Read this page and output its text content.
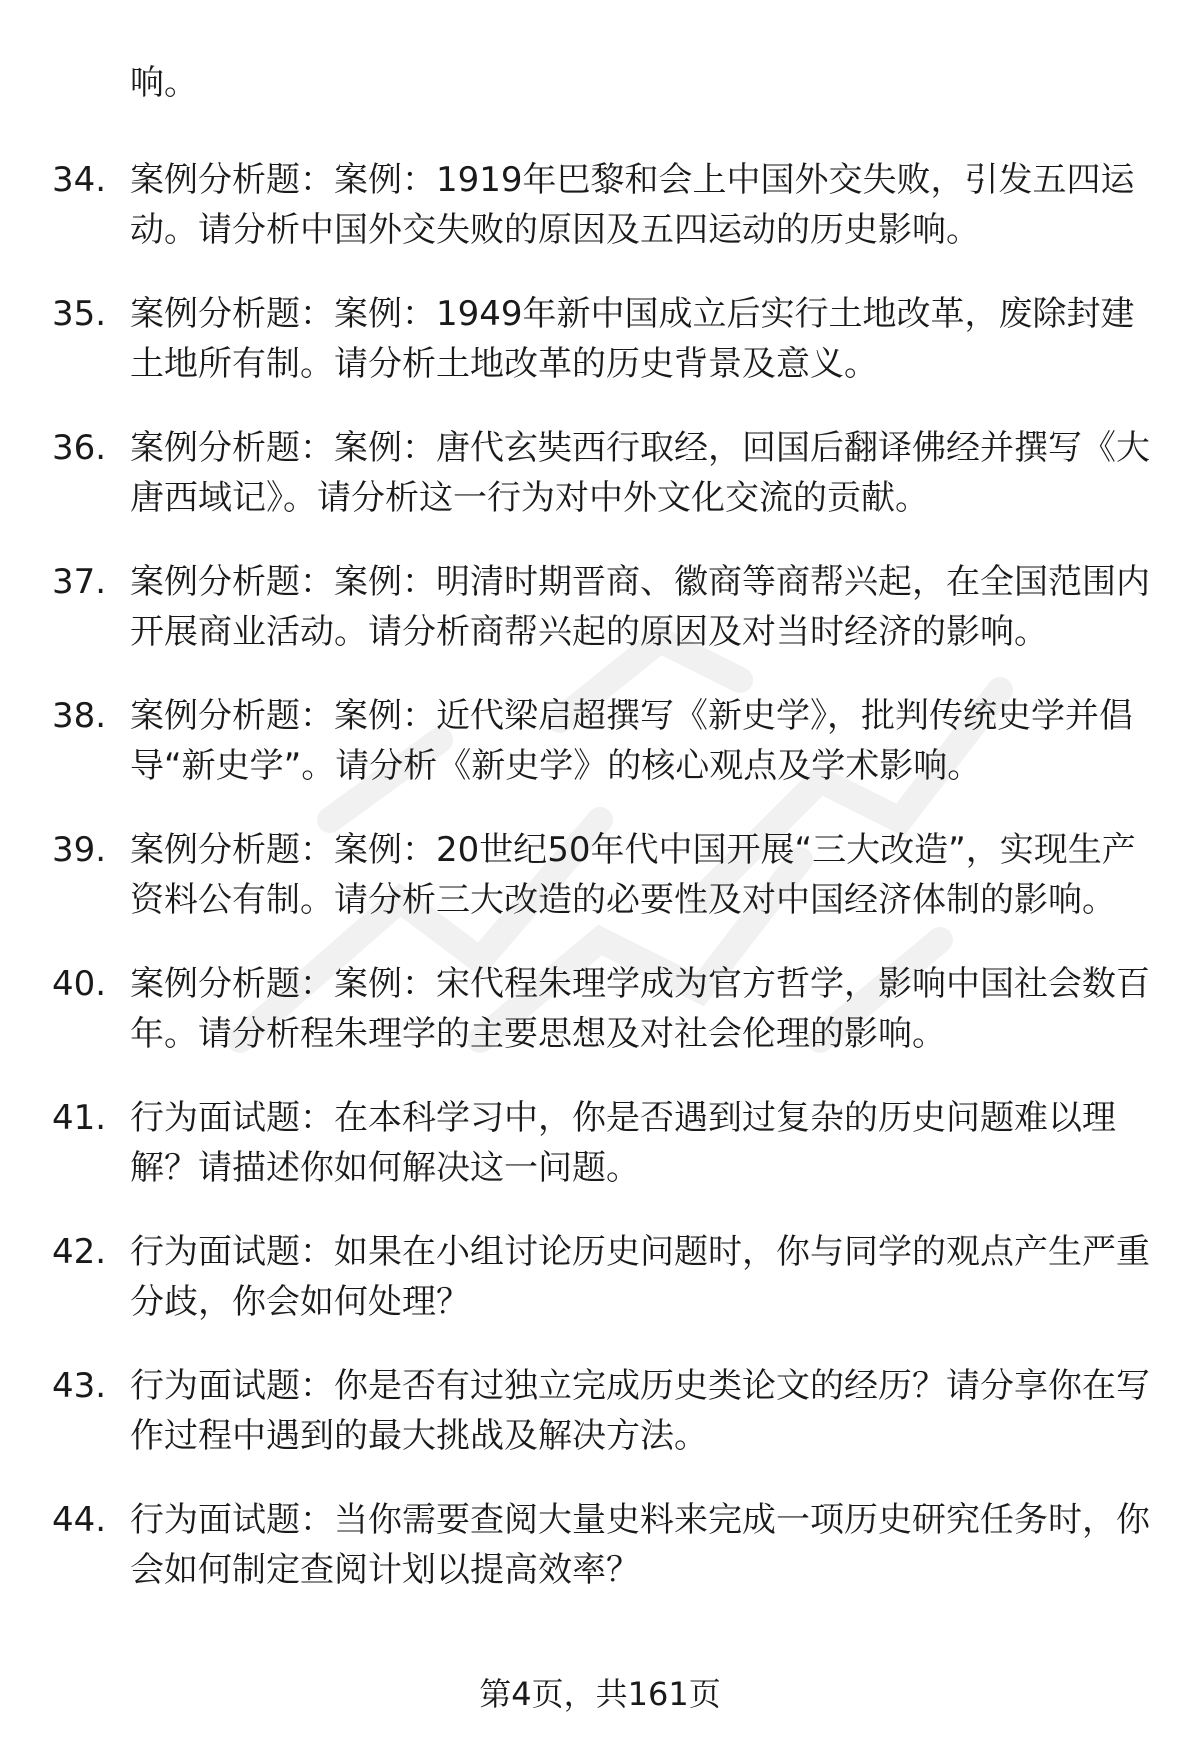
响。

34. 案例分析题：案例：1919年巴黎和会上中国外交失败，引发五四运动。请分析中国外交失败的原因及五四运动的历史影响。
35. 案例分析题：案例：1949年新中国成立后实行土地改革，废除封建土地所有制。请分析土地改革的历史背景及意义。
36. 案例分析题：案例：唐代玄奘西行取经，回国后翻译佛经并撰写《大唐西域记》。请分析这一行为对中外文化交流的贡献。
37. 案例分析题：案例：明清时期晋商、徽商等商帮兴起，在全国范围内开展商业活动。请分析商帮兴起的原因及对当时经济的影响。
38. 案例分析题：案例：近代梁启超撰写《新史学》，批判传统史学并倡导“新史学”。请分析《新史学》的核心观点及学术影响。
39. 案例分析题：案例：20世纪50年代中国开展“三大改造”，实现生产资料公有制。请分析三大改造的必要性及对中国经济体制的影响。
40. 案例分析题：案例：宋代程朱理学成为官方哲学，影响中国社会数百年。请分析程朱理学的主要思想及对社会伦理的影响。
41. 行为面试题：在本科学习中，你是否遇到过复杂的历史问题难以理解？请描述你如何解决这一问题。
42. 行为面试题：如果在小组讨论历史问题时，你与同学的观点产生严重分歧，你会如何处理？
43. 行为面试题：你是否有过独立完成历史类论文的经历？请分享你在写作过程中遇到的最大挑战及解决方法。
44. 行为面试题：当你需要查阅大量史料来完成一项历史研究任务时，你会如何制定查阅计划以提高效率？
第4页，共161页
